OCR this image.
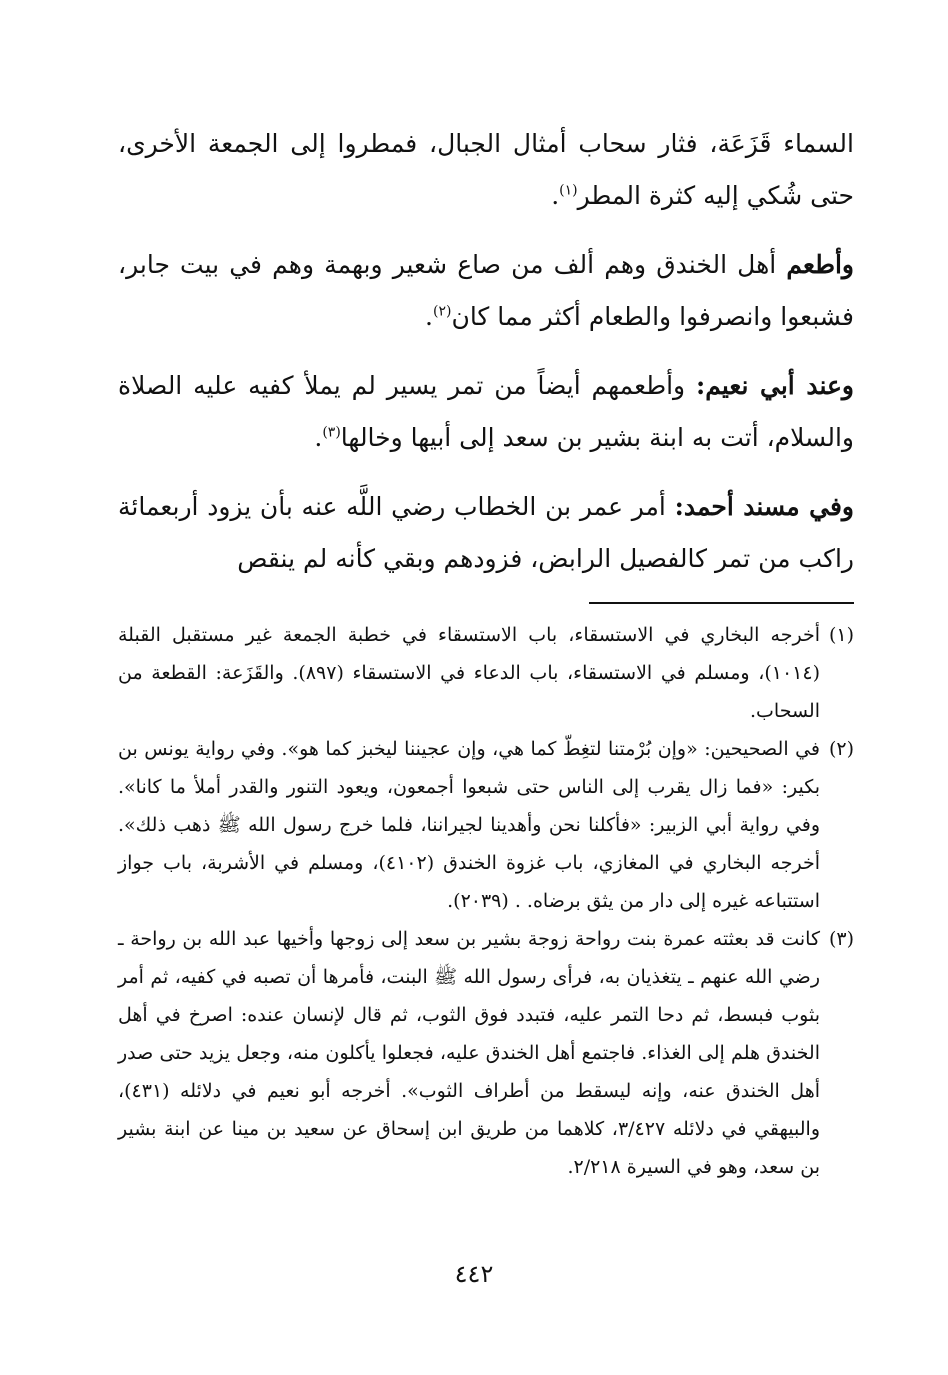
السماء قَزَعَة، فثار سحاب أمثال الجبال، فمطروا إلى الجمعة الأخرى، حتى شُكي إليه كثرة المطر$^{(١)}$.

وأطعم أهل الخندق وهم ألف من صاع شعير وبهمة وهم في بيت جابر، فشبعوا وانصرفوا والطعام أكثر مما كان$^{(٢)}$.

وعند أبي نعيم: وأطعمهم أيضاً من تمر يسير لم يملأ كفيه عليه الصلاة والسلام، أتت به ابنة بشير بن سعد إلى أبيها وخالها$^{(٣)}$.

وفي مسند أحمد: أمر عمر بن الخطاب رضي اللَّه عنه بأن يزود أربعمائة راكب من تمر كالفصيل الرابض، فزودهم وبقي كأنه لم ينقص

(١)

أخرجه البخاري في الاستسقاء، باب الاستسقاء في خطبة الجمعة غير مستقبل القبلة (١٠١٤)، ومسلم في الاستسقاء، باب الدعاء في الاستسقاء (٨٩٧). والقَزَعة: القطعة من السحاب.

(٢)

في الصحيحين: «وإن بُرْمتنا لتغِطّ كما هي، وإن عجيننا ليخبز كما هو». وفي رواية يونس بن بكير: «فما زال يقرب إلى الناس حتى شبعوا أجمعون، ويعود التنور والقدر أملأ ما كانا». وفي رواية أبي الزبير: «فأكلنا نحن وأهدينا لجيراننا، فلما خرج رسول الله ﷺ ذهب ذلك». أخرجه البخاري في المغازي، باب غزوة الخندق (٤١٠٢)، ومسلم في الأشربة، باب جواز استتباعه غيره إلى دار من يثق برضاه. . (٢٠٣٩).

(٣)

كانت قد بعثته عمرة بنت رواحة زوجة بشير بن سعد إلى زوجها وأخيها عبد الله بن رواحة ـ رضي الله عنهم ـ يتغذيان به، فرأى رسول الله ﷺ البنت، فأمرها أن تصبه في كفيه، ثم أمر بثوب فبسط، ثم دحا التمر عليه، فتبدد فوق الثوب، ثم قال لإنسان عنده: اصرخ في أهل الخندق هلم إلى الغذاء. فاجتمع أهل الخندق عليه، فجعلوا يأكلون منه، وجعل يزيد حتى صدر أهل الخندق عنه، وإنه ليسقط من أطراف الثوب». أخرجه أبو نعيم في دلائله (٤٣١)، والبيهقي في دلائله ٣/٤٢٧، كلاهما من طريق ابن إسحاق عن سعيد بن مينا عن ابنة بشير بن سعد، وهو في السيرة ٢/٢١٨.

٤٤٢
